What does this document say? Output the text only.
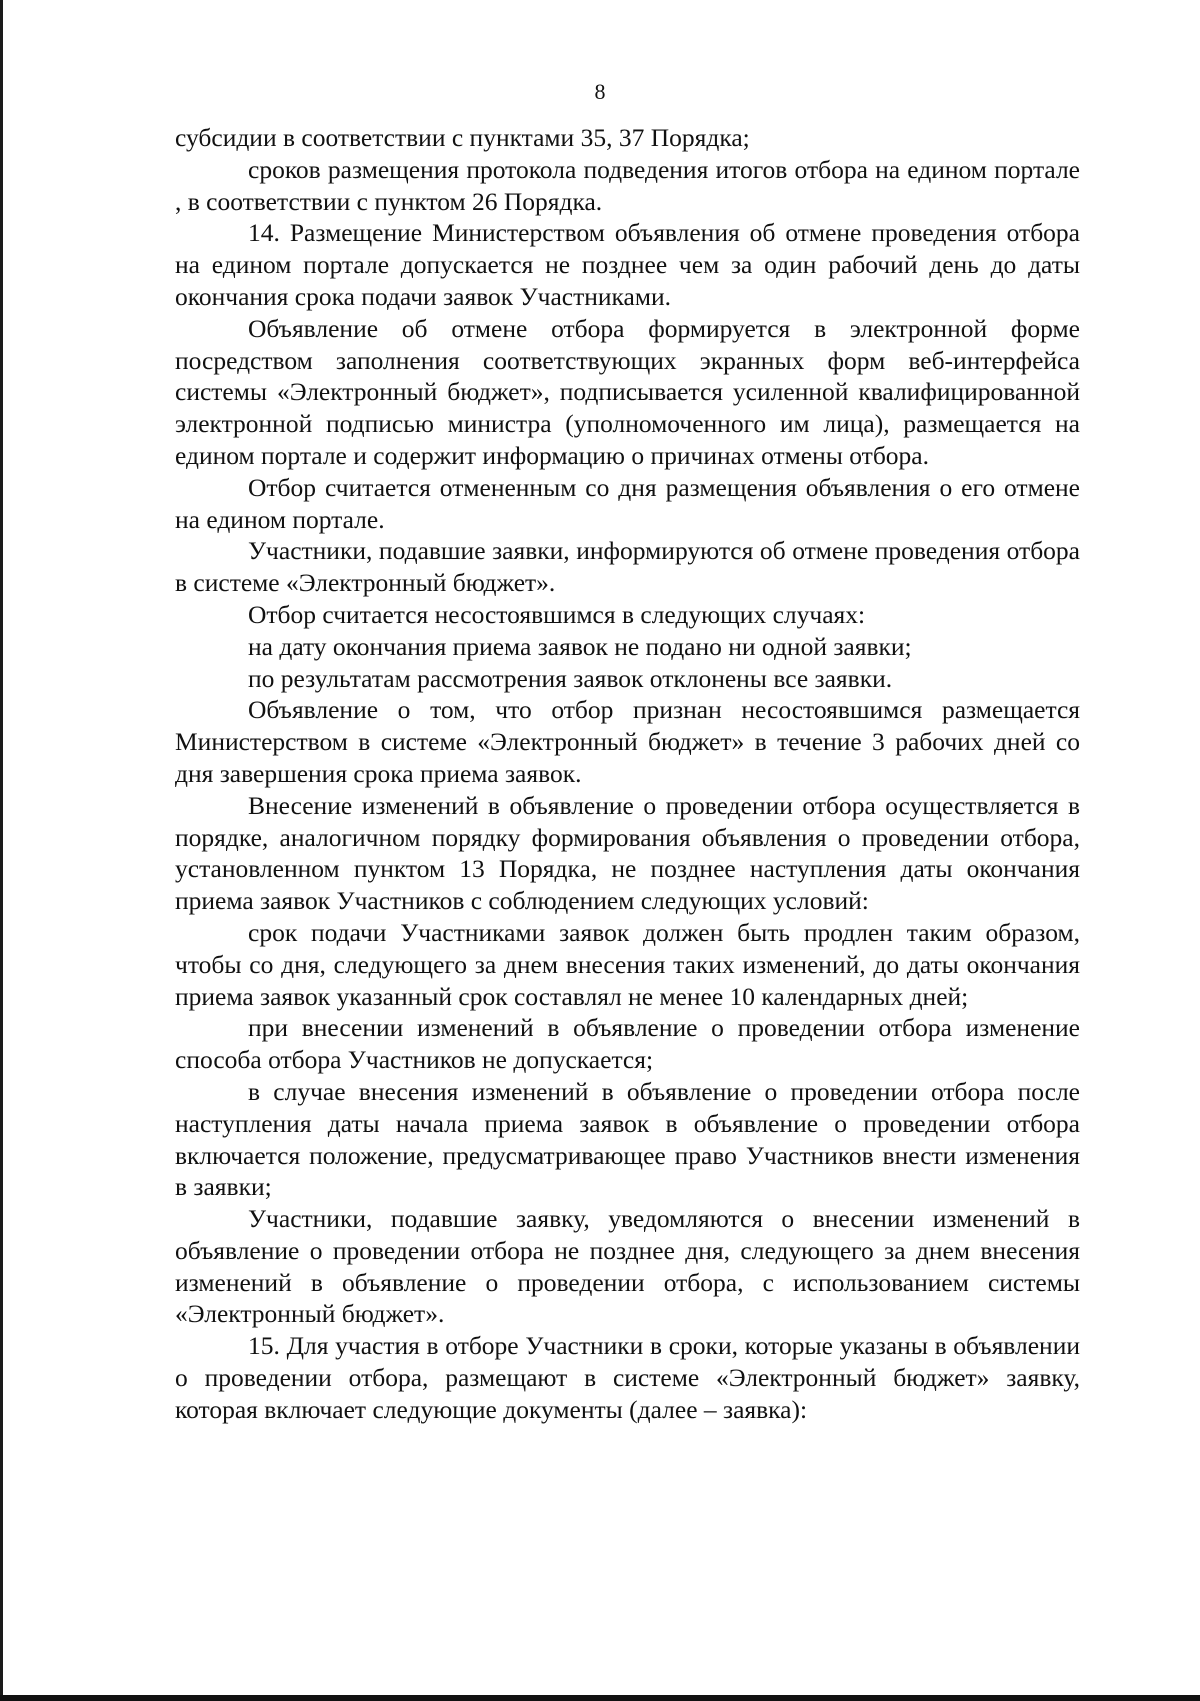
8

субсидии в соответствии с пунктами 35, 37 Порядка;

сроков размещения протокола подведения итогов отбора на едином портале , в соответствии с пунктом 26 Порядка.

14. Размещение Министерством объявления об отмене проведения отбора на едином портале допускается не позднее чем за один рабочий день до даты окончания срока подачи заявок Участниками.

Объявление об отмене отбора формируется в электронной форме посредством заполнения соответствующих экранных форм веб-интерфейса системы «Электронный бюджет», подписывается усиленной квалифицированной электронной подписью министра (уполномоченного им лица), размещается на едином портале и содержит информацию о причинах отмены отбора.

Отбор считается отмененным со дня размещения объявления о его отмене на едином портале.

Участники, подавшие заявки, информируются об отмене проведения отбора в системе «Электронный бюджет».

Отбор считается несостоявшимся в следующих случаях:

на дату окончания приема заявок не подано ни одной заявки;

по результатам рассмотрения заявок отклонены все заявки.

Объявление о том, что отбор признан несостоявшимся размещается Министерством в системе «Электронный бюджет» в течение 3 рабочих дней со дня завершения срока приема заявок.

Внесение изменений в объявление о проведении отбора осуществляется в порядке, аналогичном порядку формирования объявления о проведении отбора, установленном пунктом 13 Порядка, не позднее наступления даты окончания приема заявок Участников с соблюдением следующих условий:

срок подачи Участниками заявок должен быть продлен таким образом, чтобы со дня, следующего за днем внесения таких изменений, до даты окончания приема заявок указанный срок составлял не менее 10 календарных дней;

при внесении изменений в объявление о проведении отбора изменение способа отбора Участников не допускается;

в случае внесения изменений в объявление о проведении отбора после наступления даты начала приема заявок в объявление о проведении отбора включается положение, предусматривающее право Участников внести изменения в заявки;

Участники, подавшие заявку, уведомляются о внесении изменений в объявление о проведении отбора не позднее дня, следующего за днем внесения изменений в объявление о проведении отбора, с использованием системы «Электронный бюджет».

15. Для участия в отборе Участники в сроки, которые указаны в объявлении о проведении отбора, размещают в системе «Электронный бюджет» заявку, которая включает следующие документы (далее – заявка):
